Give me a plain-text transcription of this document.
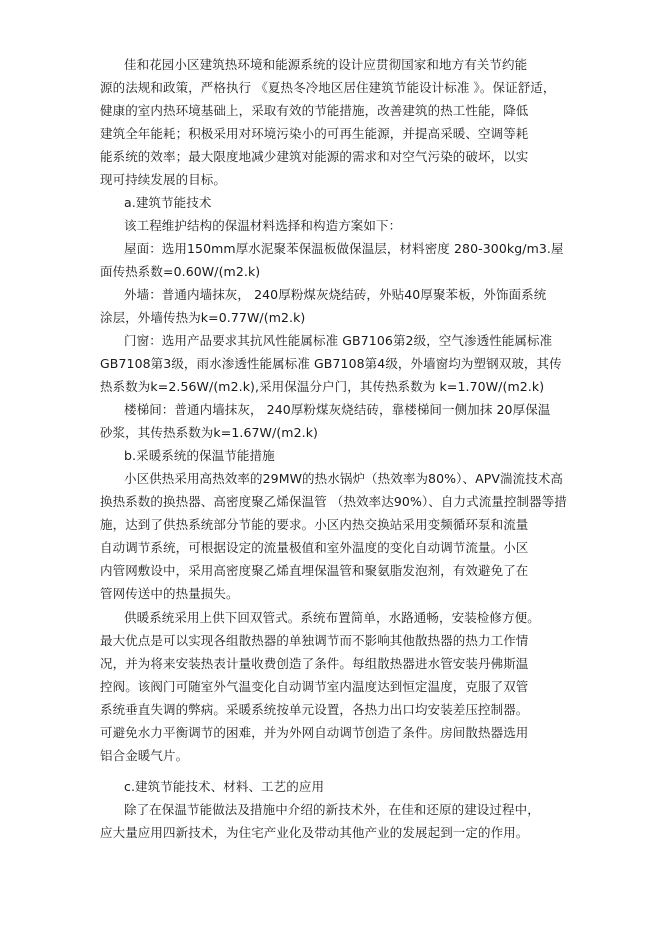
佳和花园小区建筑热环境和能源系统的设计应贯彻国家和地方有关节约能
源的法规和政策，严格执行 《夏热冬冷地区居住建筑节能设计标准 》。保证舒适，
健康的室内热环境基础上，采取有效的节能措施，改善建筑的热工性能，降低
建筑全年能耗；积极采用对环境污染小的可再生能源，并提高采暖、空调等耗
能系统的效率；最大限度地减少建筑对能源的需求和对空气污染的破坏，以实
现可持续发展的目标。
a.建筑节能技术
该工程维护结构的保温材料选择和构造方案如下：
屋面：选用150mm厚水泥聚苯保温板做保温层，材料密度 280-300kg/m3.屋
面传热系数=0.60W/(m2.k)
外墙：普通内墙抹灰， 240厚粉煤灰烧结砖，外贴40厚聚苯板，外饰面系统
涂层，外墙传热为k=0.77W/(m2.k)
门窗：选用产品要求其抗风性能属标准 GB7106第2级，空气渗透性能属标准
GB7108第3级，雨水渗透性能属标准 GB7108第4级，外墙窗均为塑钢双玻，其传
热系数为k=2.56W/(m2.k),采用保温分户门，其传热系数为 k=1.70W/(m2.k)
楼梯间：普通内墙抹灰， 240厚粉煤灰烧结砖，靠楼梯间一侧加抹 20厚保温
砂浆，其传热系数为k=1.67W/(m2.k)
b.采暖系统的保温节能措施
小区供热采用高热效率的29MW的热水锅炉（热效率为80%）、APV湍流技术高
换热系数的换热器、高密度聚乙烯保温管 （热效率达90%）、自力式流量控制器等措
施，达到了供热系统部分节能的要求。小区内热交换站采用变频循环泵和流量
自动调节系统，可根据设定的流量极值和室外温度的变化自动调节流量。小区
内管网敷设中，采用高密度聚乙烯直埋保温管和聚氨脂发泡剂，有效避免了在
管网传送中的热量损失。
供暖系统采用上供下回双管式。系统布置简单，水路通畅，安装检修方便。
最大优点是可以实现各组散热器的单独调节而不影响其他散热器的热力工作情
况，并为将来安装热表计量收费创造了条件。每组散热器进水管安装丹佛斯温
控阀。该阀门可随室外气温变化自动调节室内温度达到恒定温度，克服了双管
系统垂直失调的弊病。采暖系统按单元设置，各热力出口均安装差压控制器。
可避免水力平衡调节的困难，并为外网自动调节创造了条件。房间散热器选用
铝合金暖气片。
c.建筑节能技术、材料、工艺的应用
除了在保温节能做法及措施中介绍的新技术外，在佳和还原的建设过程中，
应大量应用四新技术，为住宅产业化及带动其他产业的发展起到一定的作用。
